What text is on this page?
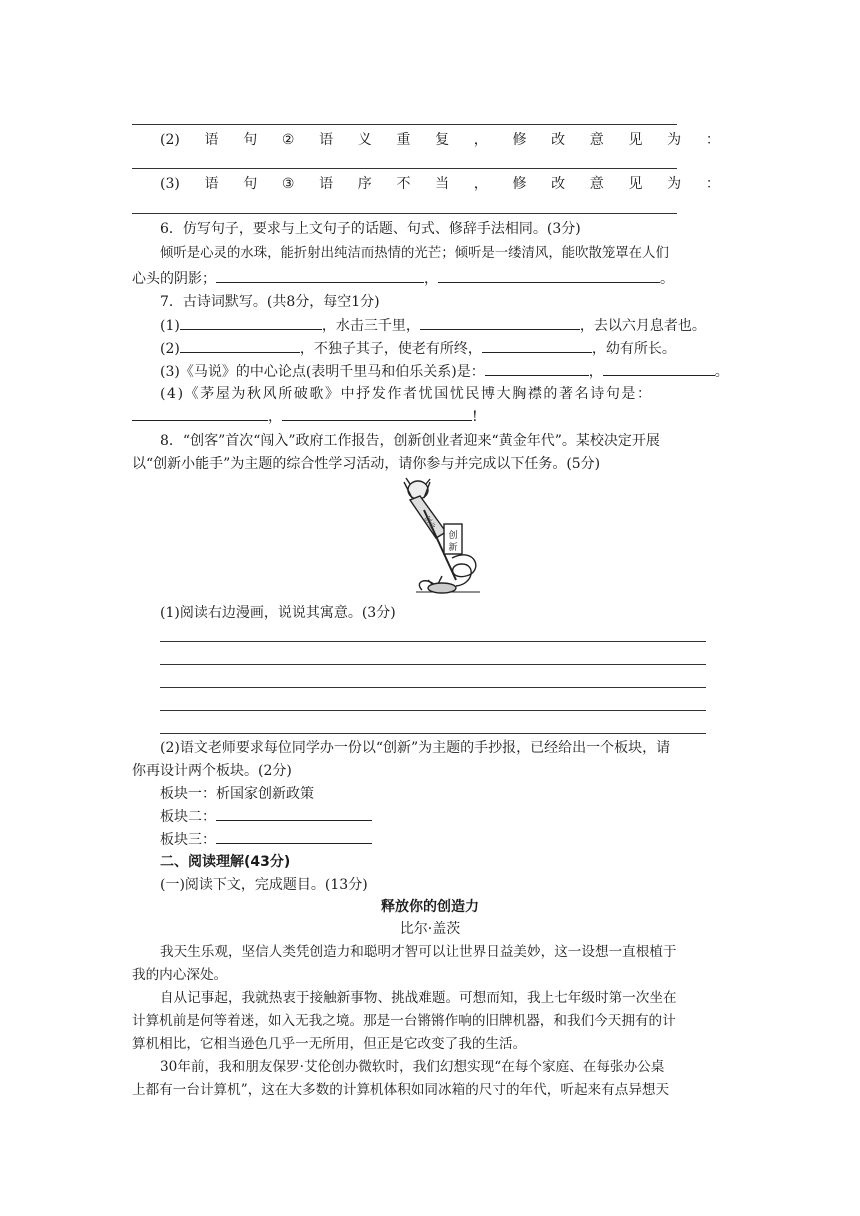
(2) 语 句 ② 语 义 重 复 ， 修 改 意 见 为 ：
(3) 语 句 ③ 语 序 不 当 ， 修 改 意 见 为 ：
6．仿写句子，要求与上文句子的话题、句式、修辞手法相同。(3分)
倾听是心灵的水珠，能折射出纯洁而热情的光芒；倾听是一缕清风，能吹散笼罩在人们
心头的阴影；	，	。
7．古诗词默写。(共8分，每空1分)
(1)	，水击三千里，	，去以六月息者也。
(2)	，不独子其子，使老有所终，	，幼有所长。
(3)《马说》的中心论点(表明千里马和伯乐关系)是：	，	。
(4)《茅屋为秋风所破歌》中抒发作者忧国忧民博大胸襟的著名诗句是：
，	!
8．“创客”首次“闯入”政府工作报告，创新创业者迎来“黄金年代”。某校决定开展
以“创新小能手”为主题的综合性学习活动，请你参与并完成以下任务。(5分)
创
新
创业
(1)阅读右边漫画，说说其寓意。(3分)
(2)语文老师要求每位同学办一份以“创新”为主题的手抄报，已经给出一个板块，请
你再设计两个板块。(2分)
板块一：析国家创新政策
板块二：
板块三：
二、阅读理解(43分)
(一)阅读下文，完成题目。(13分)
释放你的创造力
比尔·盖茨
我天生乐观，坚信人类凭创造力和聪明才智可以让世界日益美妙，这一设想一直根植于
我的内心深处。
自从记事起，我就热衷于接触新事物、挑战难题。可想而知，我上七年级时第一次坐在
计算机前是何等着迷，如入无我之境。那是一台锵锵作响的旧牌机器，和我们今天拥有的计
算机相比，它相当逊色几乎一无所用，但正是它改变了我的生活。
30年前，我和朋友保罗·艾伦创办微软时，我们幻想实现“在每个家庭、在每张办公桌
上都有一台计算机”，这在大多数的计算机体积如同冰箱的尺寸的年代，听起来有点异想天
